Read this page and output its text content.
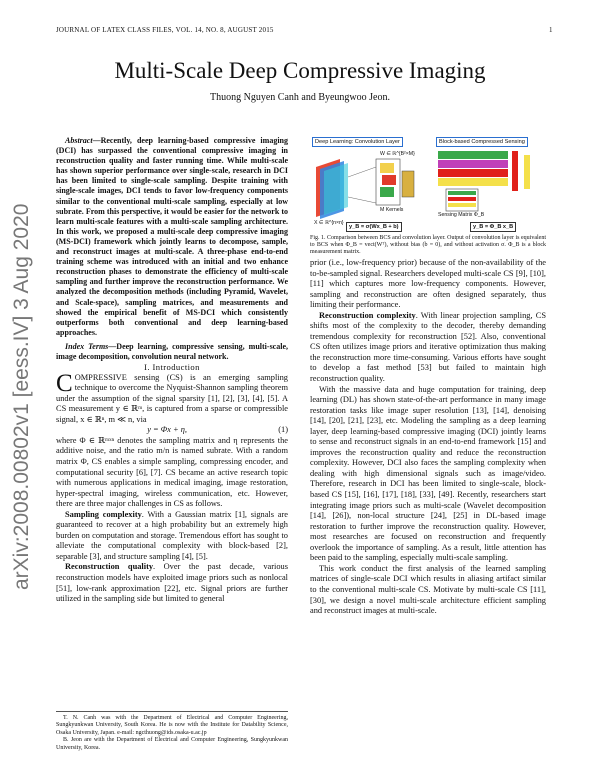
JOURNAL OF LATEX CLASS FILES, VOL. 14, NO. 8, AUGUST 2015	1
arXiv:2008.00802v1 [eess.IV] 3 Aug 2020
Multi-Scale Deep Compressive Imaging
Thuong Nguyen Canh and Byeungwoo Jeon.

Abstract—Recently, deep learning-based compressive imaging (DCI) has surpassed the conventional compressive imaging in reconstruction quality and faster running time. While multi-scale has shown superior performance over single-scale, research in DCI has been limited to single-scale sampling. Despite training with single-scale images, DCI tends to favor low-frequency components similar to the conventional multi-scale sampling, especially at low subrate. From this perspective, it would be easier for the network to learn multi-scale features with a multi-scale sampling architecture. In this work, we proposed a multi-scale deep compressive imaging (MS-DCI) framework which jointly learns to decompose, sample, and reconstruct images at multi-scale. A three-phase end-to-end training scheme was introduced with an initial and two enhance reconstruction phases to demonstrate the efficiency of multi-scale sampling and further improve the reconstruction performance. We analyzed the decomposition methods (including Pyramid, Wavelet, and Scale-space), sampling matrices, and measurements and showed the empirical benefit of MS-DCI which consistently outperforms both conventional and deep learning-based approaches.

Index Terms—Deep learning, compressive sensing, multi-scale, image decomposition, convolution neural network.

I. Introduction

COMPRESSIVE sensing (CS) is an emerging sampling technique to overcome the Nyquist-Shannon sampling theorem under the assumption of the signal sparsity [1], [2], [3], [4], [5]. A CS measurement y ∈ ℝᵐ, is captured from a sparse or compressible signal, x ∈ ℝⁿ, m ≪ n, via

y = Φx + η,	(1)

where Φ ∈ ℝᵐˣⁿ denotes the sampling matrix and η represents the additive noise, and the ratio m/n is named subrate. With a random matrix Φ, CS enables a simple sampling, compressing encoder, and computational security [6], [7]. CS became an active research topic with numerous applications in medical imaging, image restoration, hyper-spectral imaging, wireless communication, etc. However, there are three major challenges in CS as follows.

Sampling complexity. With a Gaussian matrix [1], signals are guaranteed to recover at a high probability but an extremely high burden on computation and storage. Tremendous effort has sought to alleviate the computational complexity with block-based [2], separable [3], and structure sampling [4], [5].

Reconstruction quality. Over the past decade, various reconstruction models have exploited image priors such as nonlocal [51], low-rank approximation [22], etc. Signal priors are further utilized in the sampling side but limited to general

T. N. Canh was with the Department of Electrical and Computer Engineering, Sungkyunkwan University, South Korea. He is now with the Institute for Datability Science, Osaka University, Japan. e-mail: ngcthuong@ids.osaka-u.ac.jp

B. Jeon are with the Department of Electrical and Computer Engineering, Sungkyunkwan University, Korea.

Deep Learning: Convolution Layer	Block-based Compressed Sensing
W ∈ ℝ^{B²×M}
X ∈ ℝ^{n×n}
M Kernels
Sensing Matrix Φ_B
y_B = σ(Wx_B + b)	y_B = Φ_B x_B
Fig. 1. Comparison between BCS and convolution layer. Output of convolution layer is equivalent to BCS when Φ_B = vect(Wᵀ), without bias (b = 0), and without activation σ. Φ_B is a block measurement matrix.

prior (i.e., low-frequency prior) because of the non-availability of the to-be-sampled signal. Researchers developed multi-scale CS [9], [10], [11] which captures more low-frequency components. However, sampling and reconstruction are often designed separately, thus limiting their performance.

Reconstruction complexity. With linear projection sampling, CS shifts most of the complexity to the decoder, thereby demanding tremendous complexity for reconstruction [52]. Also, conventional CS often utilizes image priors and iterative optimization thus making the reconstruction more time-consuming. Various efforts have sought to develop a fast method [53] but failed to maintain high reconstruction quality.

With the massive data and huge computation for training, deep learning (DL) has shown state-of-the-art performance in many image restoration tasks like image super resolution [13], [14], denoising [14], [20], [21], [23], etc. Modeling the sampling as a deep learning layer, deep learning-based compressive imaging (DCI) jointly learns to sense and reconstruct signals in an end-to-end framework [15] and improves the reconstruction quality and reduce the reconstruction complexity. However, DCI also faces the sampling complexity when dealing with high dimensional signals such as image/video. Therefore, research in DCI has been limited to single-scale, block-based CS [15], [16], [17], [18], [33], [49]. Recently, researchers start integrating image priors such as multi-scale (Wavelet decomposition [14], [26]), non-local structure [24], [25] in DL-based image restoration to further improve the reconstruction quality. However, most researches are focused on reconstruction and frequently overlook the importance of sampling. As a result, little attention has been paid to the sampling, especially multi-scale sampling.

This work conduct the first analysis of the learned sampling matrices of single-scale DCI which results in aliasing artifact similar to the conventional multi-scale CS. Motivate by multi-scale CS [11], [30], we design a novel multi-scale architecture efficient sampling and reconstruct images at multi-scale.
